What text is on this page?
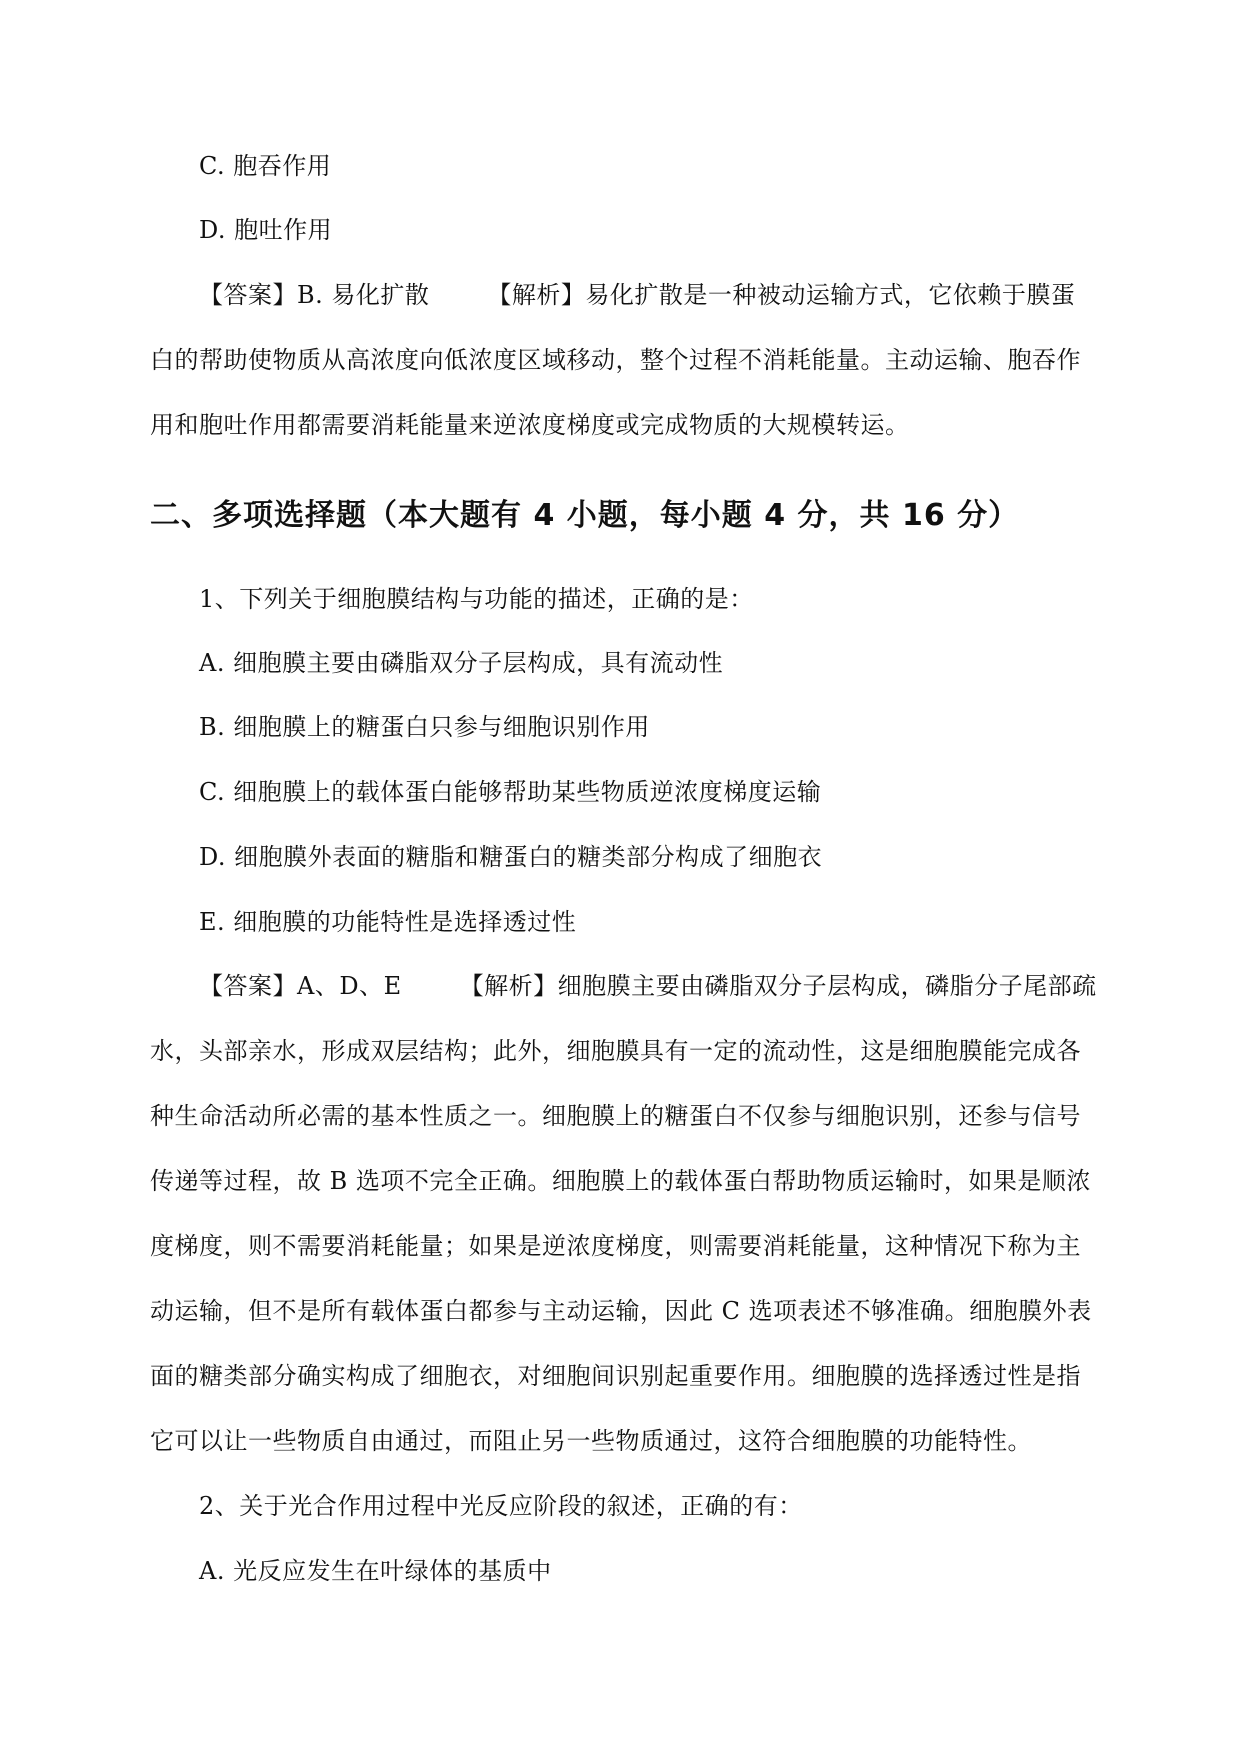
C. 胞吞作用
D. 胞吐作用
【答案】B. 易化扩散 【解析】易化扩散是一种被动运输方式，它依赖于膜蛋
白的帮助使物质从高浓度向低浓度区域移动，整个过程不消耗能量。主动运输、胞吞作
用和胞吐作用都需要消耗能量来逆浓度梯度或完成物质的大规模转运。
二、多项选择题（本大题有 4 小题，每小题 4 分，共 16 分）
1、下列关于细胞膜结构与功能的描述，正确的是：
A. 细胞膜主要由磷脂双分子层构成，具有流动性
B. 细胞膜上的糖蛋白只参与细胞识别作用
C. 细胞膜上的载体蛋白能够帮助某些物质逆浓度梯度运输
D. 细胞膜外表面的糖脂和糖蛋白的糖类部分构成了细胞衣
E. 细胞膜的功能特性是选择透过性
【答案】A、D、E 【解析】细胞膜主要由磷脂双分子层构成，磷脂分子尾部疏
水，头部亲水，形成双层结构；此外，细胞膜具有一定的流动性，这是细胞膜能完成各
种生命活动所必需的基本性质之一。细胞膜上的糖蛋白不仅参与细胞识别，还参与信号
传递等过程，故 B 选项不完全正确。细胞膜上的载体蛋白帮助物质运输时，如果是顺浓
度梯度，则不需要消耗能量；如果是逆浓度梯度，则需要消耗能量，这种情况下称为主
动运输，但不是所有载体蛋白都参与主动运输，因此 C 选项表述不够准确。细胞膜外表
面的糖类部分确实构成了细胞衣，对细胞间识别起重要作用。细胞膜的选择透过性是指
它可以让一些物质自由通过，而阻止另一些物质通过，这符合细胞膜的功能特性。
2、关于光合作用过程中光反应阶段的叙述，正确的有：
A. 光反应发生在叶绿体的基质中
